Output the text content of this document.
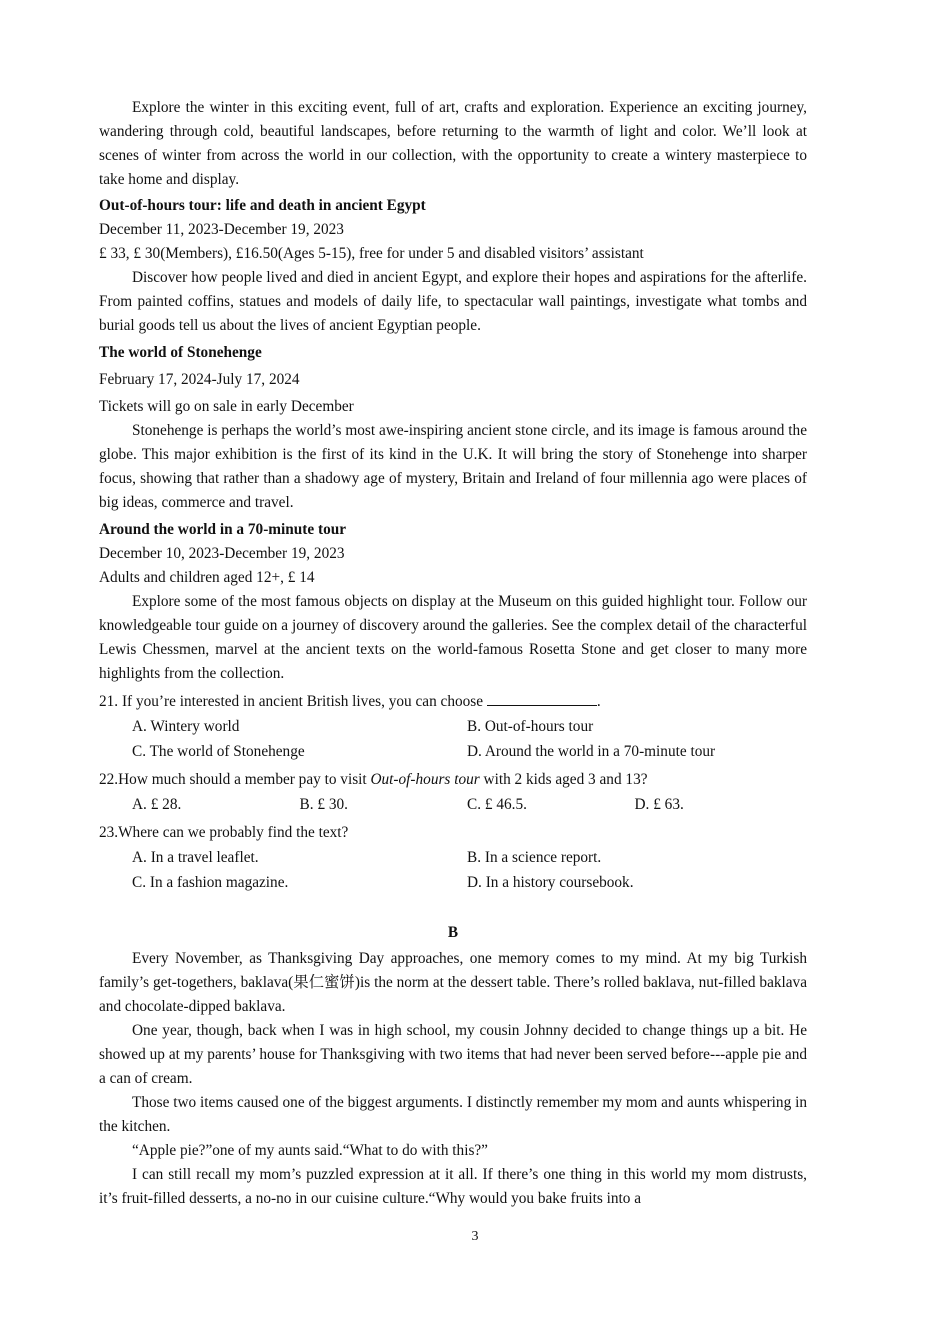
Explore the winter in this exciting event, full of art, crafts and exploration. Experience an exciting journey, wandering through cold, beautiful landscapes, before returning to the warmth of light and color. We’ll look at scenes of winter from across the world in our collection, with the opportunity to create a wintery masterpiece to take home and display.

Out-of-hours tour: life and death in ancient Egypt

December 11, 2023-December 19, 2023

£ 33, £ 30(Members), £16.50(Ages 5-15), free for under 5 and disabled visitors’ assistant

Discover how people lived and died in ancient Egypt, and explore their hopes and aspirations for the afterlife. From painted coffins, statues and models of daily life, to spectacular wall paintings, investigate what tombs and burial goods tell us about the lives of ancient Egyptian people.

The world of Stonehenge

February 17, 2024-July 17, 2024

Tickets will go on sale in early December

Stonehenge is perhaps the world’s most awe-inspiring ancient stone circle, and its image is famous around the globe. This major exhibition is the first of its kind in the U.K. It will bring the story of Stonehenge into sharper focus, showing that rather than a shadowy age of mystery, Britain and Ireland of four millennia ago were places of big ideas, commerce and travel.

Around the world in a 70-minute tour

December 10, 2023-December 19, 2023

Adults and children aged 12+, £ 14

Explore some of the most famous objects on display at the Museum on this guided highlight tour. Follow our knowledgeable tour guide on a journey of discovery around the galleries. See the complex detail of the characterful Lewis Chessmen, marvel at the ancient texts on the world-famous Rosetta Stone and get closer to many more highlights from the collection.

21. If you’re interested in ancient British lives, you can choose	.

A. Wintery world	B. Out-of-hours tour
C. The world of Stonehenge	D. Around the world in a 70-minute tour

22.How much should a member pay to visit Out-of-hours tour with 2 kids aged 3 and 13?

A. £ 28.	B. £ 30.	C. £ 46.5.	D. £ 63.

23.Where can we probably find the text?

A. In a travel leaflet.	B. In a science report.
C. In a fashion magazine.	D. In a history coursebook.

B

Every November, as Thanksgiving Day approaches, one memory comes to my mind. At my big Turkish family’s get-togethers, baklava(果仁蜜饼)is the norm at the dessert table. There’s rolled baklava, nut-filled baklava and chocolate-dipped baklava.

One year, though, back when I was in high school, my cousin Johnny decided to change things up a bit. He showed up at my parents’ house for Thanksgiving with two items that had never been served before---apple pie and a can of cream.

Those two items caused one of the biggest arguments. I distinctly remember my mom and aunts whispering in the kitchen.

“Apple pie?”one of my aunts said.“What to do with this?”

I can still recall my mom’s puzzled expression at it all. If there’s one thing in this world my mom distrusts, it’s fruit-filled desserts, a no-no in our cuisine culture.“Why would you bake fruits into a

3
